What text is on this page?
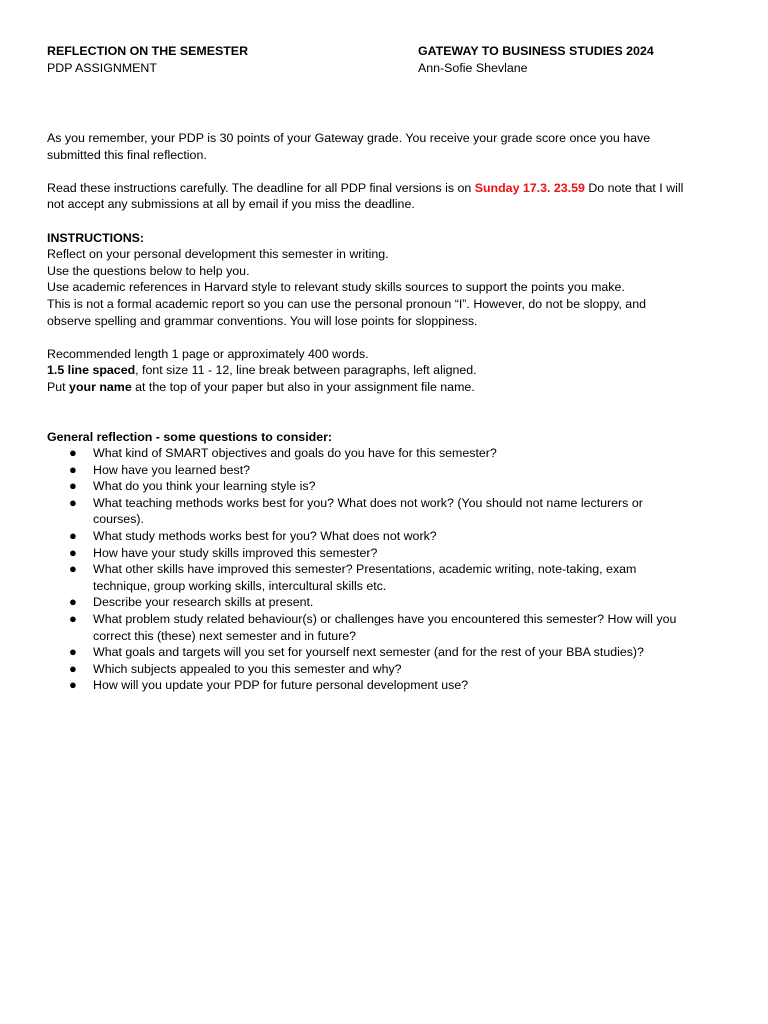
REFLECTION ON THE SEMESTER
PDP ASSIGNMENT
GATEWAY TO BUSINESS STUDIES 2024
Ann-Sofie Shevlane

As you remember, your PDP is 30 points of your Gateway grade. You receive your grade score once you have
submitted this final reflection.

Read these instructions carefully. The deadline for all PDP final versions is on Sunday 17.3. 23.59 Do note that I will
not accept any submissions at all by email if you miss the deadline.

INSTRUCTIONS:
Reflect on your personal development this semester in writing.
Use the questions below to help you.
Use academic references in Harvard style to relevant study skills sources to support the points you make.
This is not a formal academic report so you can use the personal pronoun “I”. However, do not be sloppy, and
observe spelling and grammar conventions. You will lose points for sloppiness.

Recommended length 1 page or approximately 400 words.
1.5 line spaced, font size 11 - 12, line break between paragraphs, left aligned.
Put your name at the top of your paper but also in your assignment file name.

General reflection - some questions to consider:
● What kind of SMART objectives and goals do you have for this semester?
● How have you learned best?
● What do you think your learning style is?
● What teaching methods works best for you? What does not work? (You should not name lecturers or
courses).
● What study methods works best for you? What does not work?
● How have your study skills improved this semester?
● What other skills have improved this semester? Presentations, academic writing, note-taking, exam
technique, group working skills, intercultural skills etc.
● Describe your research skills at present.
● What problem study related behaviour(s) or challenges have you encountered this semester? How will you
correct this (these) next semester and in future?
● What goals and targets will you set for yourself next semester (and for the rest of your BBA studies)?
● Which subjects appealed to you this semester and why?
● How will you update your PDP for future personal development use?
